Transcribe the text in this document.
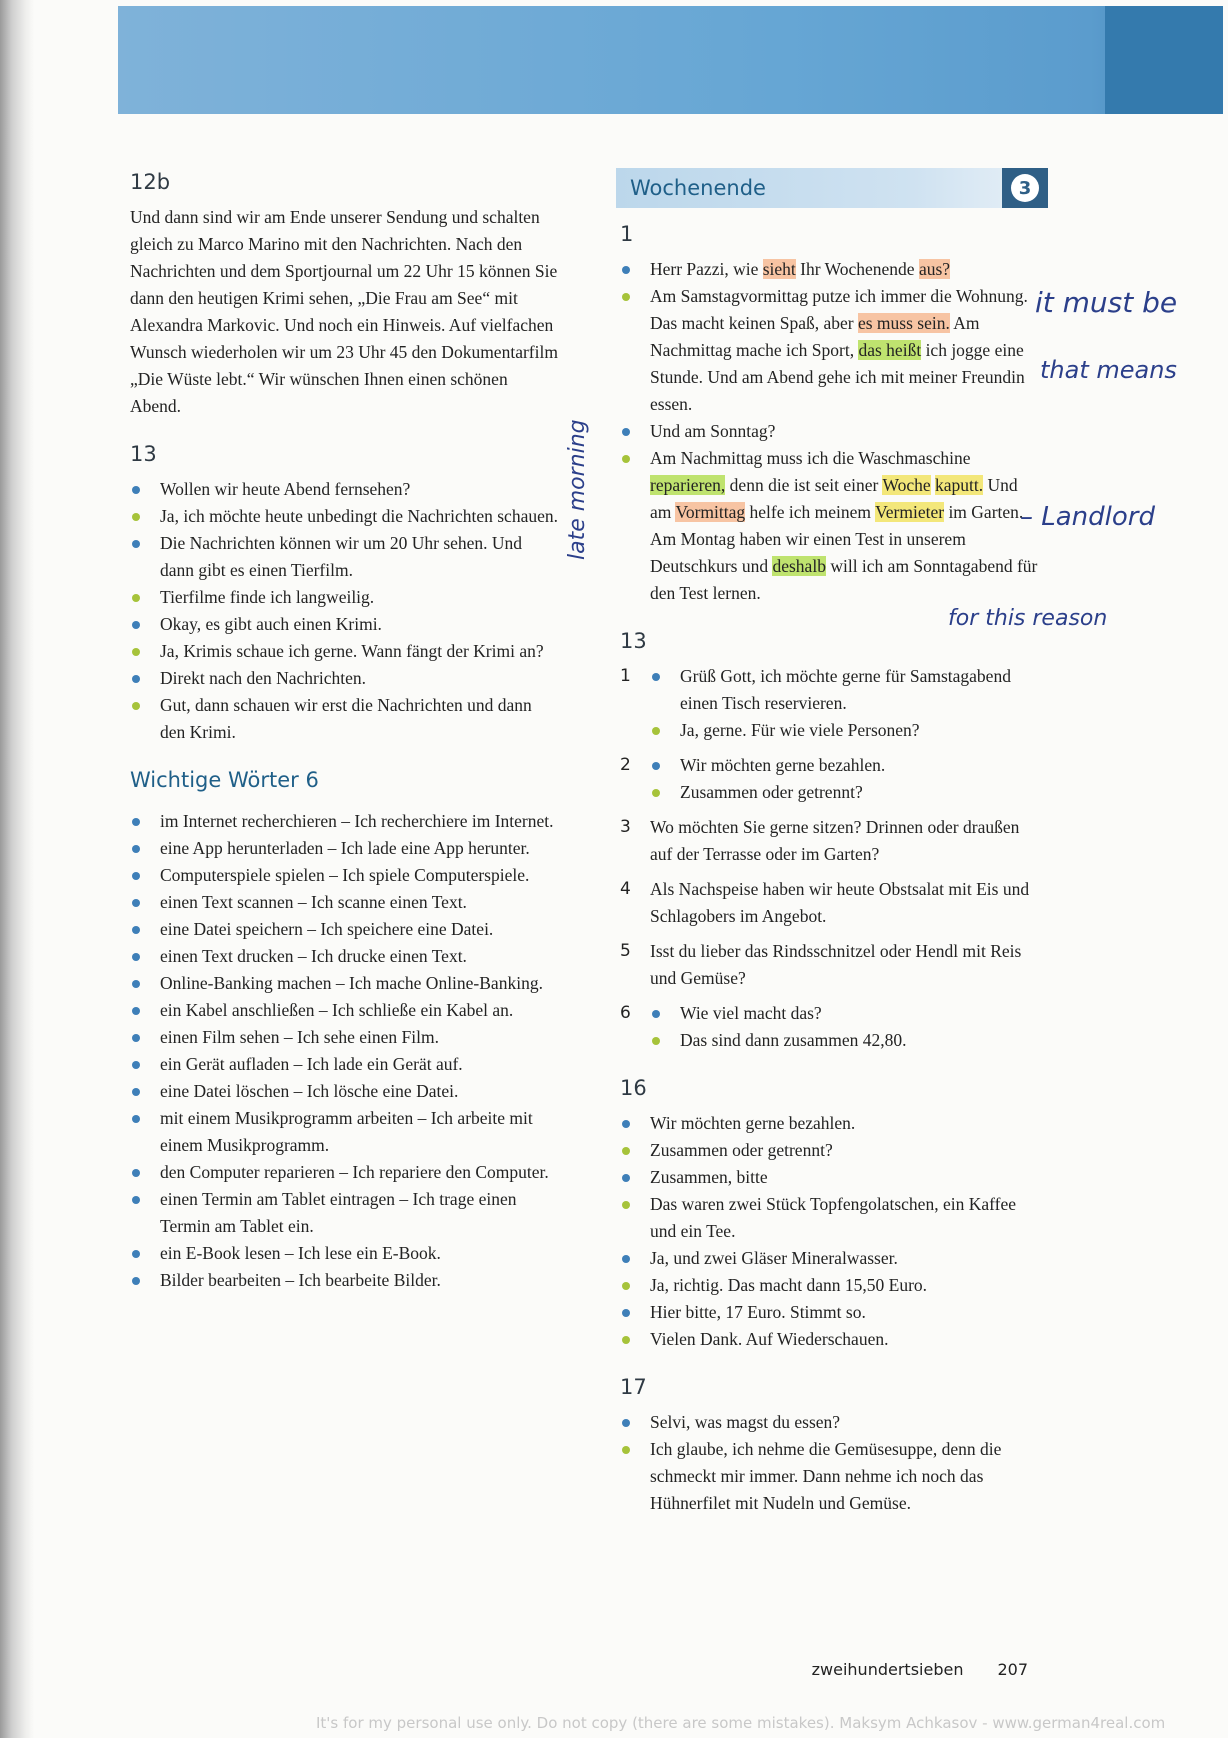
12b

Und dann sind wir am Ende unserer Sendung und schalten gleich zu Marco Marino mit den Nachrichten. Nach den Nachrichten und dem Sportjournal um 22 Uhr 15 können Sie dann den heutigen Krimi sehen, „Die Frau am See“ mit Alexandra Markovic. Und noch ein Hinweis. Auf vielfachen Wunsch wiederholen wir um 23 Uhr 45 den Dokumentarfilm „Die Wüste lebt.“ Wir wünschen Ihnen einen schönen Abend.

13
Wollen wir heute Abend fernsehen?
Ja, ich möchte heute unbedingt die Nachrichten schauen.
Die Nachrichten können wir um 20 Uhr sehen. Und dann gibt es einen Tierfilm.
Tierfilme finde ich langweilig.
Okay, es gibt auch einen Krimi.
Ja, Krimis schaue ich gerne. Wann fängt der Krimi an?
Direkt nach den Nachrichten.
Gut, dann schauen wir erst die Nachrichten und dann den Krimi.
Wichtige Wörter 6
im Internet recherchieren – Ich recherchiere im Internet.
eine App herunterladen – Ich lade eine App herunter.
Computerspiele spielen – Ich spiele Computerspiele.
einen Text scannen – Ich scanne einen Text.
eine Datei speichern – Ich speichere eine Datei.
einen Text drucken – Ich drucke einen Text.
Online-Banking machen – Ich mache Online-Banking.
ein Kabel anschließen – Ich schließe ein Kabel an.
einen Film sehen – Ich sehe einen Film.
ein Gerät aufladen – Ich lade ein Gerät auf.
eine Datei löschen – Ich lösche eine Datei.
mit einem Musikprogramm arbeiten – Ich arbeite mit einem Musikprogramm.
den Computer reparieren – Ich repariere den Computer.
einen Termin am Tablet eintragen – Ich trage einen Termin am Tablet ein.
ein E-Book lesen – Ich lese ein E-Book.
Bilder bearbeiten – Ich bearbeite Bilder.
Wochenende	3
1
Herr Pazzi, wie sieht Ihr Wochenende aus?
Am Samstagvormittag putze ich immer die Wohnung. Das macht keinen Spaß, aber es muss sein. Am Nachmittag mache ich Sport, das heißt ich jogge eine Stunde. Und am Abend gehe ich mit meiner Freundin essen.
Und am Sonntag?
Am Nachmittag muss ich die Waschmaschine reparieren, denn die ist seit einer Woche kaputt. Und am Vormittag helfe ich meinem Vermieter im Garten. Am Montag haben wir einen Test in unserem Deutschkurs und deshalb will ich am Sonntagabend für den Test lernen.
13
1	Grüß Gott, ich möchte gerne für Samstagabend einen Tisch reservieren.
Ja, gerne. Für wie viele Personen?
2	Wir möchten gerne bezahlen.
Zusammen oder getrennt?
3 Wo möchten Sie gerne sitzen? Drinnen oder draußen auf der Terrasse oder im Garten?

4 Als Nachspeise haben wir heute Obstsalat mit Eis und Schlagobers im Angebot.

5 Isst du lieber das Rindsschnitzel oder Hendl mit Reis und Gemüse?

6	Wie viel macht das?
Das sind dann zusammen 42,80.
16
Wir möchten gerne bezahlen.
Zusammen oder getrennt?
Zusammen, bitte
Das waren zwei Stück Topfengolatschen, ein Kaffee und ein Tee.
Ja, und zwei Gläser Mineralwasser.
Ja, richtig. Das macht dann 15,50 Euro.
Hier bitte, 17 Euro. Stimmt so.
Vielen Dank. Auf Wiederschauen.
17
Selvi, was magst du essen?
Ich glaube, ich nehme die Gemüsesuppe, denn die schmeckt mir immer. Dann nehme ich noch das Hühnerfilet mit Nudeln und Gemüse.
it must be
that means
late morning	– Landlord
for this reason
zweihundertsieben 207
It's for my personal use only. Do not copy (there are some mistakes). Maksym Achkasov - www.german4real.com
